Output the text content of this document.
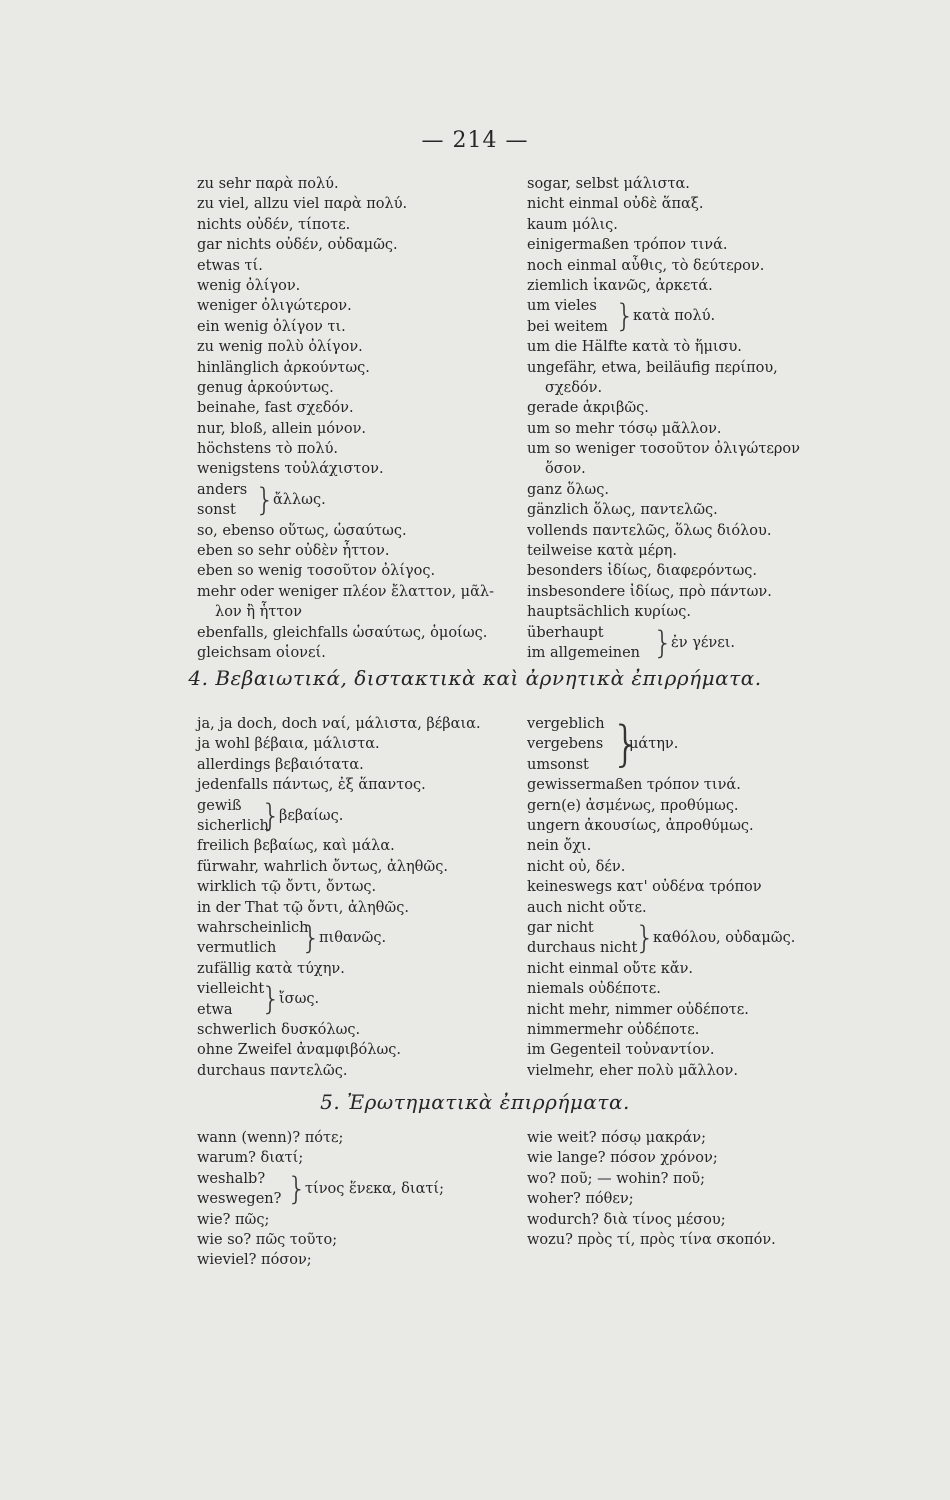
— 214 —
zu sehr παρὰ πολύ.
zu viel, allzu viel παρὰ πολύ.
nichts οὐδέν, τίποτε.
gar nichts οὐδέν, οὐδαμῶς.
etwas τί.
wenig ὀλίγον.
weniger ὀλιγώτερον.
ein wenig ὀλίγον τι.
zu wenig πολὺ ὀλίγον.
hinlänglich ἀρκούντως.
genug ἀρκούντως.
beinahe, fast σχεδόν.
nur, bloß, allein μόνον.
höchstens τὸ πολύ.
wenigstens τοὐλάχιστον.
anders
sonst }
ἄλλως.
so, ebenso οὕτως, ὡσαύτως.
eben so sehr οὐδὲν ἧττον.
eben so wenig τοσοῦτον ὀλίγος.
mehr oder weniger πλέον ἔλαττον, μᾶλ-
λον ἢ ἧττον
ebenfalls, gleichfalls ὡσαύτως, ὁμοίως.
gleichsam οἱονεί.
sogar, selbst μάλιστα.
nicht einmal οὐδὲ ἅπαξ.
kaum μόλις.
einigermaßen τρόπον τινά.
noch einmal αὖθις, τὸ δεύτερον.
ziemlich ἱκανῶς, ἀρκετά.
um vieles
bei weitem }
κατὰ πολύ.
um die Hälfte κατὰ τὸ ἥμισυ.
ungefähr, etwa, beiläufig περίπου,
σχεδόν.
gerade ἀκριβῶς.
um so mehr τόσῳ μᾶλλον.
um so weniger τοσοῦτον ὀλιγώτερον
ὅσον.
ganz ὅλως.
gänzlich ὅλως, παντελῶς.
vollends παντελῶς, ὅλως διόλου.
teilweise κατὰ μέρη.
besonders ἰδίως, διαφερόντως.
insbesondere ἰδίως, πρὸ πάντων.
hauptsächlich κυρίως.
überhaupt
im allgemeinen }
ἐν γένει.
4. Βεβαιωτικά, διστακτικὰ καὶ ἀρνητικὰ ἐπιρρήματα.
ja, ja doch, doch ναί, μάλιστα, βέβαια.
ja wohl βέβαια, μάλιστα.
allerdings βεβαιότατα.
jedenfalls πάντως, ἐξ ἅπαντος.
gewiß
sicherlich
}
βεβαίως.
freilich βεβαίως, καὶ μάλα.
fürwahr, wahrlich ὄντως, ἀληθῶς.
wirklich τῷ ὄντι, ὄντως.
in der That τῷ ὄντι, ἀληθῶς.
wahrscheinlich
vermutlich }
πιθανῶς.
zufällig κατὰ τύχην.
vielleicht
etwa }
ἴσως.
schwerlich δυσκόλως.
ohne Zweifel ἀναμφιβόλως.
durchaus παντελῶς.
vergeblich
vergebens
umsonst }
μάτην.
gewissermaßen τρόπον τινά.
gern(e) ἀσμένως, προθύμως.
ungern ἀκουσίως, ἀπροθύμως.
nein ὄχι.
nicht οὐ, δέν.
keineswegs κατ' οὐδένα τρόπον
auch nicht οὔτε.
gar nicht
durchaus nicht
}
καθόλου, οὐδαμῶς.
nicht einmal οὔτε κἄν.
niemals οὐδέποτε.
nicht mehr, nimmer οὐδέποτε.
nimmermehr οὐδέποτε.
im Gegenteil τοὐναντίον.
vielmehr, eher πολὺ μᾶλλον.
5. Ἐρωτηματικὰ ἐπιρρήματα.
wann (wenn)? πότε;
warum? διατί;
weshalb?
weswegen? }
τίνος ἕνεκα, διατί;
wie? πῶς;
wie so? πῶς τοῦτο;
wieviel? πόσον;
wie weit? πόσῳ μακράν;
wie lange? πόσον χρόνον;
wo? ποῦ; — wohin? ποῦ;
woher? πόθεν;
wodurch? διὰ τίνος μέσου;
wozu? πρὸς τί, πρὸς τίνα σκοπόν.
